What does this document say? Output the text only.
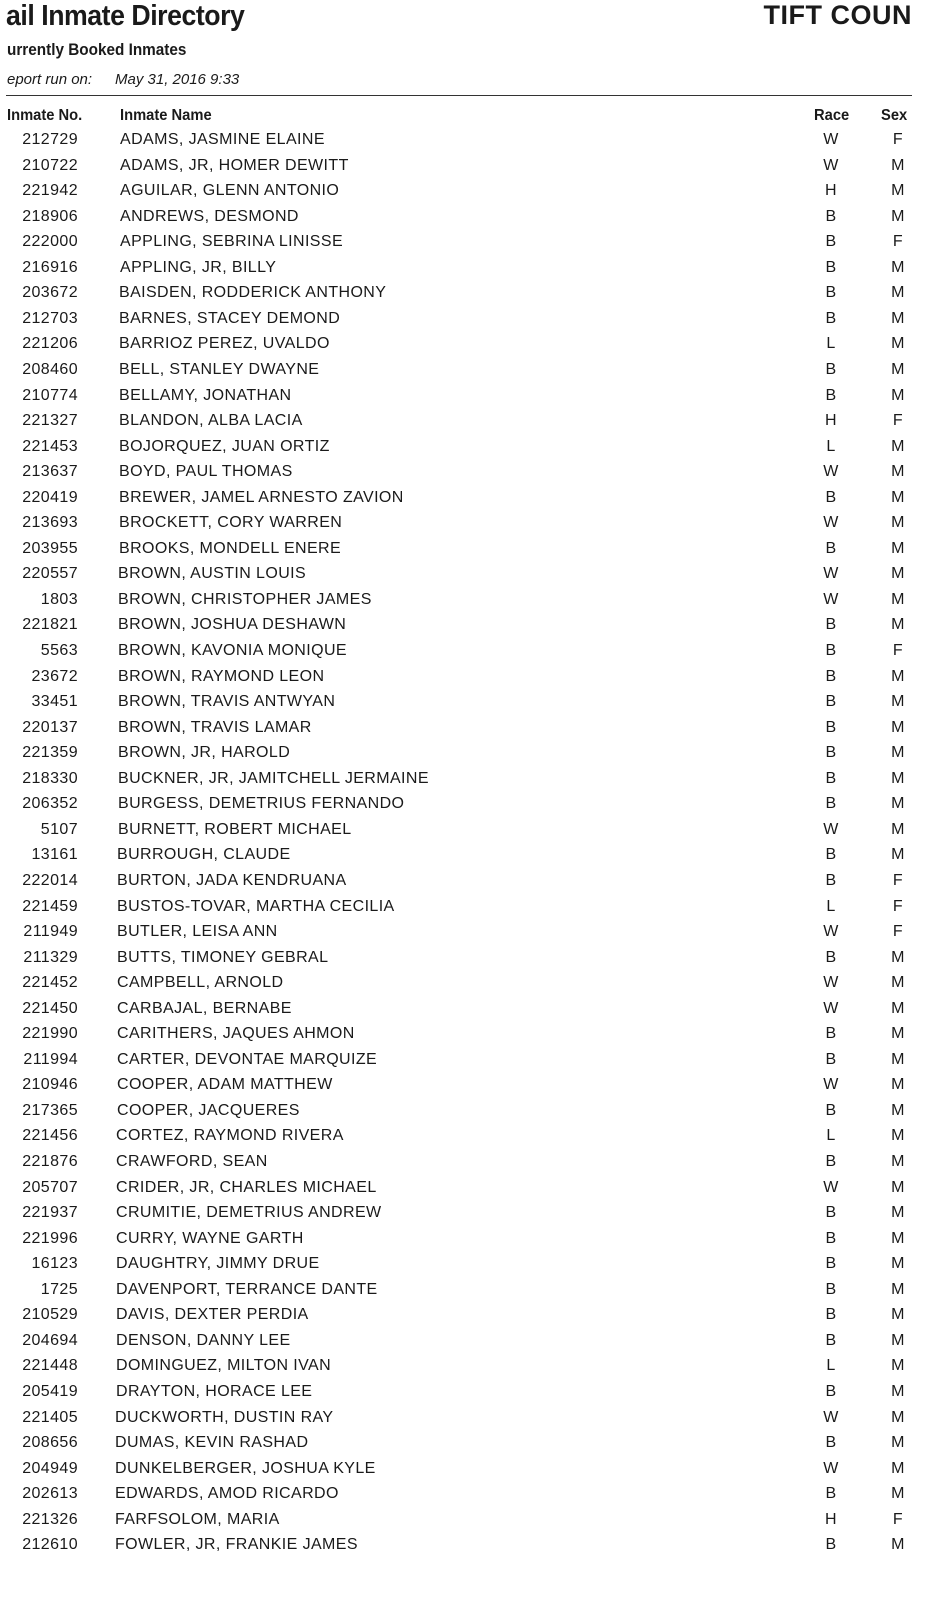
ail Inmate Directory	TIFT COUN
urrently Booked Inmates
eport run on: May 31, 2016 9:33
Inmate No. Inmate Name	Race Sex
212729	ADAMS, JASMINE ELAINE	W	F
210722	ADAMS, JR, HOMER DEWITT	W	M
221942	AGUILAR, GLENN ANTONIO	H	M
218906	ANDREWS, DESMOND	B	M
222000	APPLING, SEBRINA LINISSE	B	F
216916	APPLING, JR, BILLY	B	M
203672	BAISDEN, RODDERICK ANTHONY	B	M
212703	BARNES, STACEY DEMOND	B	M
221206	BARRIOZ PEREZ, UVALDO	L	M
208460	BELL, STANLEY DWAYNE	B	M
210774	BELLAMY, JONATHAN	B	M
221327	BLANDON, ALBA LACIA	H	F
221453	BOJORQUEZ, JUAN ORTIZ	L	M
213637	BOYD, PAUL THOMAS	W	M
220419	BREWER, JAMEL ARNESTO ZAVION	B	M
213693	BROCKETT, CORY WARREN	W	M
203955	BROOKS, MONDELL ENERE	B	M
220557	BROWN, AUSTIN LOUIS	W	M
1803	BROWN, CHRISTOPHER JAMES	W	M
221821	BROWN, JOSHUA DESHAWN	B	M
5563	BROWN, KAVONIA MONIQUE	B	F
23672	BROWN, RAYMOND LEON	B	M
33451	BROWN, TRAVIS ANTWYAN	B	M
220137	BROWN, TRAVIS LAMAR	B	M
221359	BROWN, JR, HAROLD	B	M
218330	BUCKNER, JR, JAMITCHELL JERMAINE	B	M
206352	BURGESS, DEMETRIUS FERNANDO	B	M
5107	BURNETT, ROBERT MICHAEL	W	M
13161 BURROUGH, CLAUDE	B	M
222014 BURTON, JADA KENDRUANA	B	F
221459 BUSTOS-TOVAR, MARTHA CECILIA	L	F
211949 BUTLER, LEISA ANN	W	F
211329 BUTTS, TIMONEY GEBRAL	B	M
221452 CAMPBELL, ARNOLD	W	M
221450 CARBAJAL, BERNABE	W	M
221990 CARITHERS, JAQUES AHMON	B	M
211994 CARTER, DEVONTAE MARQUIZE	B	M
210946 COOPER, ADAM MATTHEW	W	M
217365 COOPER, JACQUERES	B	M
221456 CORTEZ, RAYMOND RIVERA	L	M
221876 CRAWFORD, SEAN	B	M
205707 CRIDER, JR, CHARLES MICHAEL	W	M
221937 CRUMITIE, DEMETRIUS ANDREW	B	M
221996 CURRY, WAYNE GARTH	B	M
16123 DAUGHTRY, JIMMY DRUE	B	M
1725 DAVENPORT, TERRANCE DANTE	B	M
210529 DAVIS, DEXTER PERDIA	B	M
204694 DENSON, DANNY LEE	B	M
221448 DOMINGUEZ, MILTON IVAN	L	M
205419 DRAYTON, HORACE LEE	B	M
221405 DUCKWORTH, DUSTIN RAY	W	M
208656 DUMAS, KEVIN RASHAD	B	M
204949 DUNKELBERGER, JOSHUA KYLE	W	M
202613 EDWARDS, AMOD RICARDO	B	M
221326 FARFSOLOM, MARIA	H	F
212610 FOWLER, JR, FRANKIE JAMES	B	M
